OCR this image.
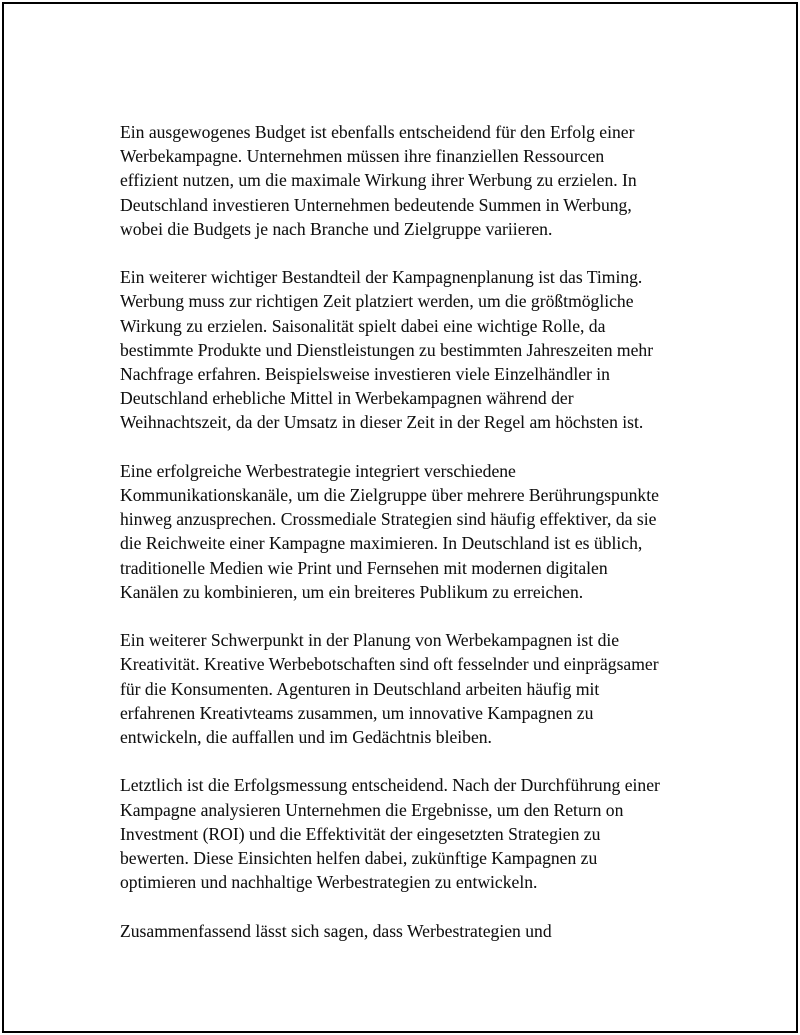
Ein ausgewogenes Budget ist ebenfalls entscheidend für den Erfolg einer
Werbekampagne. Unternehmen müssen ihre finanziellen Ressourcen
effizient nutzen, um die maximale Wirkung ihrer Werbung zu erzielen. In
Deutschland investieren Unternehmen bedeutende Summen in Werbung,
wobei die Budgets je nach Branche und Zielgruppe variieren.

Ein weiterer wichtiger Bestandteil der Kampagnenplanung ist das Timing.
Werbung muss zur richtigen Zeit platziert werden, um die größtmögliche
Wirkung zu erzielen. Saisonalität spielt dabei eine wichtige Rolle, da
bestimmte Produkte und Dienstleistungen zu bestimmten Jahreszeiten mehr
Nachfrage erfahren. Beispielsweise investieren viele Einzelhändler in
Deutschland erhebliche Mittel in Werbekampagnen während der
Weihnachtszeit, da der Umsatz in dieser Zeit in der Regel am höchsten ist.

Eine erfolgreiche Werbestrategie integriert verschiedene
Kommunikationskanäle, um die Zielgruppe über mehrere Berührungspunkte
hinweg anzusprechen. Crossmediale Strategien sind häufig effektiver, da sie
die Reichweite einer Kampagne maximieren. In Deutschland ist es üblich,
traditionelle Medien wie Print und Fernsehen mit modernen digitalen
Kanälen zu kombinieren, um ein breiteres Publikum zu erreichen.

Ein weiterer Schwerpunkt in der Planung von Werbekampagnen ist die
Kreativität. Kreative Werbebotschaften sind oft fesselnder und einprägsamer
für die Konsumenten. Agenturen in Deutschland arbeiten häufig mit
erfahrenen Kreativteams zusammen, um innovative Kampagnen zu
entwickeln, die auffallen und im Gedächtnis bleiben.

Letztlich ist die Erfolgsmessung entscheidend. Nach der Durchführung einer
Kampagne analysieren Unternehmen die Ergebnisse, um den Return on
Investment (ROI) und die Effektivität der eingesetzten Strategien zu
bewerten. Diese Einsichten helfen dabei, zukünftige Kampagnen zu
optimieren und nachhaltige Werbestrategien zu entwickeln.

Zusammenfassend lässt sich sagen, dass Werbestrategien und
